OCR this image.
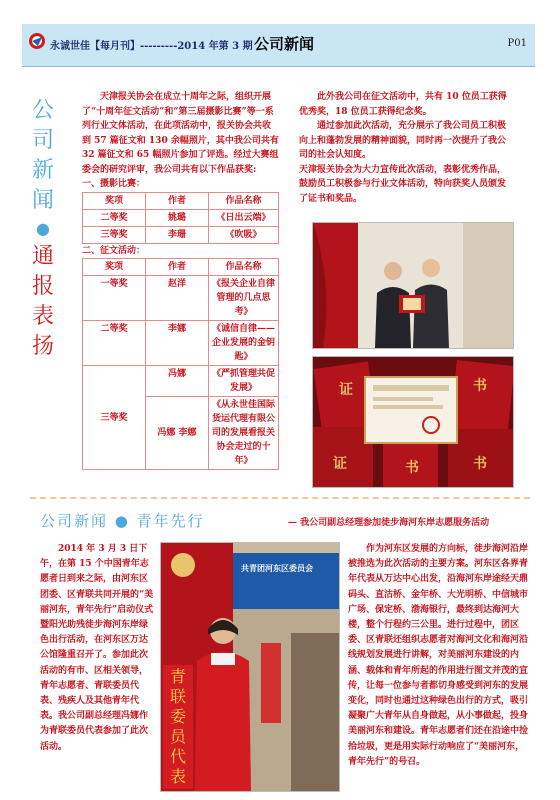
永诚世佳【每月刊】---------2014 年第 3 期 公司新闻	P01
公
司
新
闻
●
通
报
表
扬

天津报关协会在成立十周年之际，组织开展了“十周年征文活动”和“第三届摄影比赛”等一系列行业文体活动，在此项活动中，报关协会共收到 57 篇征文和 130 余幅照片，其中我公司共有 32 篇征文和 65 幅照片参加了评选。经过大赛组委会的研究评审，我公司共有以下作品获奖:

一、摄影比赛：

奖项	作者	作品名称
二等奖	姚璐	《日出云端》
三等奖	李珊	《吹吸》

二、征文活动：

奖项	作者	作品名称
一等奖	赵洋	《报关企业自律管理的几点思考》
二等奖	李娜	《诚信自律——企业发展的金钥匙》
三等奖	冯娜	《严抓管理共促发展》
	冯娜 李娜	《从永世佳国际货运代理有限公司的发展看报关协会走过的十年》

此外我公司在征文活动中，共有 10 位员工获得优秀奖，18 位员工获得纪念奖。

通过参加此次活动，充分展示了我公司员工积极向上和蓬勃发展的精神面貌，同时再一次提升了我公司的社会认知度。

天津报关协会为大力宣传此次活动，表彰优秀作品，鼓励员工积极参与行业文体活动，特向获奖人员颁发了证书和奖品。

证	书
证	书	书
公司新闻 ● 青年先行	— 我公司副总经理参加徒步海河东岸志愿服务活动

2014 年 3 月 3 日下午，在第 15 个中国青年志愿者日到来之际，由河东区团委、区青联共同开展的“美丽河东，青年先行”启动仪式暨阳光助残徒步海河东岸绿色出行活动，在河东区万达公馆隆重召开了。参加此次活动的有市、区相关领导，青年志愿者、青联委员代表、残疾人及其他青年代表。我公司副总经理冯娜作为青联委员代表参加了此次活动。

共青团河东区委员会
青
联
委
员
代
表

作为河东区发展的方向标，徒步海河沿岸被推选为此次活动的主要方案。河东区各界青年代表从万达中心出发，沿海河东岸途经天鼎码头、直沽桥、金年桥、大光明桥、中信城市广场、保定桥、渤海银行，最终到达海河大楼，整个行程约三公里。进行过程中，团区委、区青联还组织志愿者对海河文化和海河沿线规划发展进行讲解，对美丽河东建设的内涵、载体和青年所起的作用进行图文并茂的宣传，让每一位参与者都切身感受到河东的发展变化，同时也通过这种绿色出行的方式，吸引凝聚广大青年从自身做起，从小事做起，投身美丽河东和建设。青年志愿者们还在沿途中捡拾垃圾，更是用实际行动响应了“美丽河东，青年先行”的号召。
